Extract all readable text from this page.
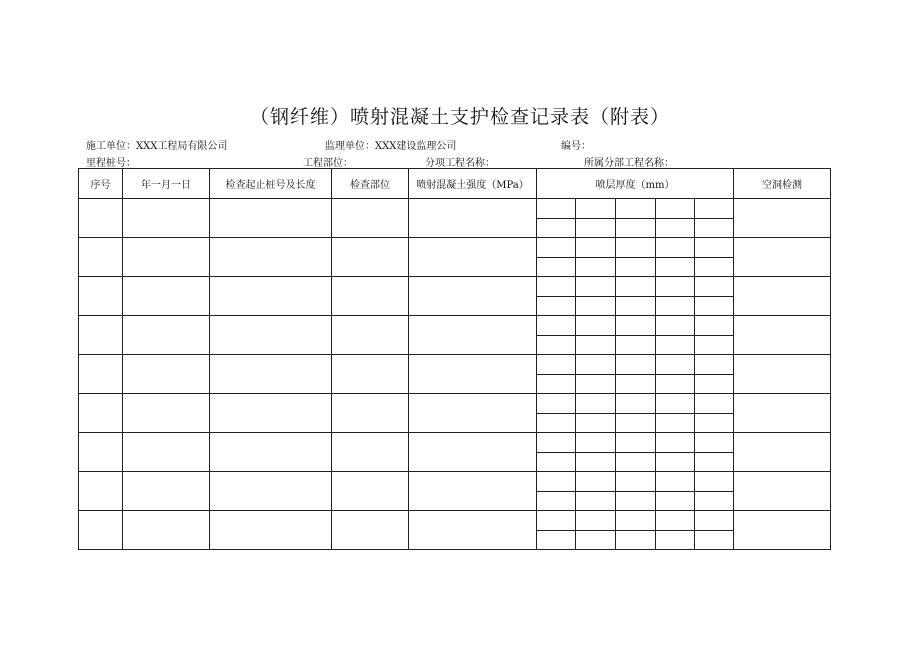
（钢纤维）喷射混凝土支护检查记录表（附表）
施工单位：XXX工程局有限公司	监理单位：XXX建设监理公司	编号：
里程桩号：	工程部位：	分项工程名称：	所属分部工程名称：
序号	年一月一日	检查起止桩号及长度	检查部位	喷射混凝土强度（MPa）	喷层厚度（mm）					空洞检测
